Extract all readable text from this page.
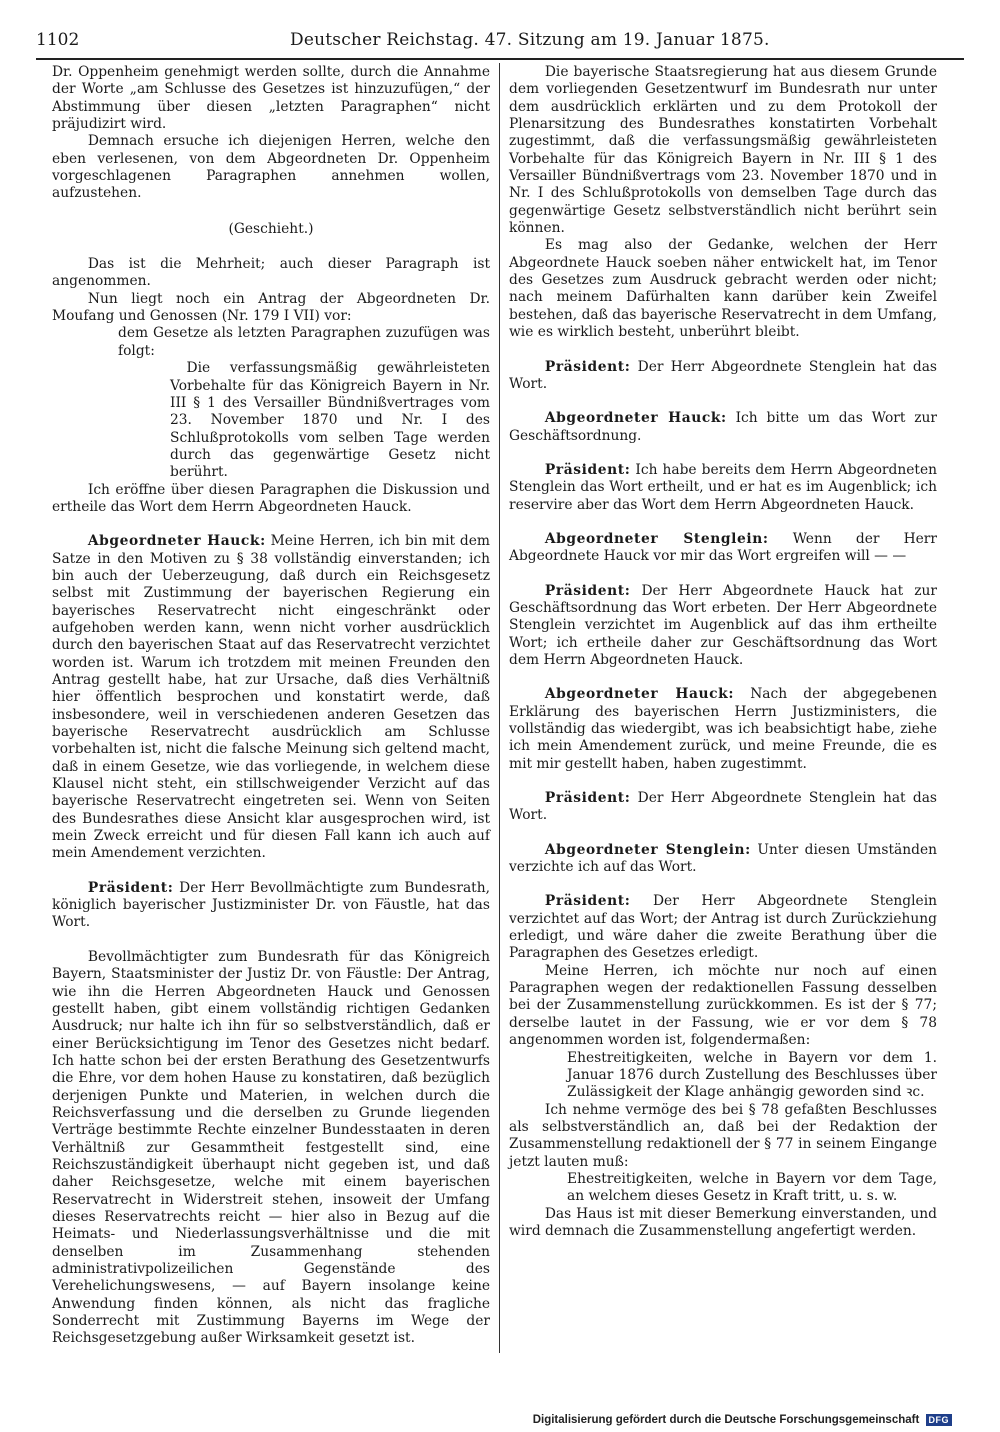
1102	Deutscher Reichstag. 47. Sitzung am 19. Januar 1875.

Dr. Oppenheim genehmigt werden sollte, durch die Annahme der Worte „am Schlusse des Gesetzes ist hinzuzufügen,“ der Abstimmung über diesen „letzten Paragraphen“ nicht präjudizirt wird.

Demnach ersuche ich diejenigen Herren, welche den eben verlesenen, von dem Abgeordneten Dr. Oppenheim vorgeschlagenen Paragraphen annehmen wollen, aufzustehen.

(Geschieht.)

Das ist die Mehrheit; auch dieser Paragraph ist angenommen.

Nun liegt noch ein Antrag der Abgeordneten Dr. Moufang und Genossen (Nr. 179 I VII) vor:

dem Gesetze als letzten Paragraphen zuzufügen was folgt:

Die verfassungsmäßig gewährleisteten Vorbehalte für das Königreich Bayern in Nr. III § 1 des Versailler Bündnißvertrages vom 23. November 1870 und Nr. I des Schlußprotokolls vom selben Tage werden durch das gegenwärtige Gesetz nicht berührt.

Ich eröffne über diesen Paragraphen die Diskussion und ertheile das Wort dem Herrn Abgeordneten Hauck.

Abgeordneter Hauck: Meine Herren, ich bin mit dem Satze in den Motiven zu § 38 vollständig einverstanden; ich bin auch der Ueberzeugung, daß durch ein Reichsgesetz selbst mit Zustimmung der bayerischen Regierung ein bayerisches Reservatrecht nicht eingeschränkt oder aufgehoben werden kann, wenn nicht vorher ausdrücklich durch den bayerischen Staat auf das Reservatrecht verzichtet worden ist. Warum ich trotzdem mit meinen Freunden den Antrag gestellt habe, hat zur Ursache, daß dies Verhältniß hier öffentlich besprochen und konstatirt werde, daß insbesondere, weil in verschiedenen anderen Gesetzen das bayerische Reservatrecht ausdrücklich am Schlusse vorbehalten ist, nicht die falsche Meinung sich geltend macht, daß in einem Gesetze, wie das vorliegende, in welchem diese Klausel nicht steht, ein stillschweigender Verzicht auf das bayerische Reservatrecht eingetreten sei. Wenn von Seiten des Bundesrathes diese Ansicht klar ausgesprochen wird, ist mein Zweck erreicht und für diesen Fall kann ich auch auf mein Amendement verzichten.

Präsident: Der Herr Bevollmächtigte zum Bundesrath, königlich bayerischer Justizminister Dr. von Fäustle, hat das Wort.

Bevollmächtigter zum Bundesrath für das Königreich Bayern, Staatsminister der Justiz Dr. von Fäustle: Der Antrag, wie ihn die Herren Abgeordneten Hauck und Genossen gestellt haben, gibt einem vollständig richtigen Gedanken Ausdruck; nur halte ich ihn für so selbstverständlich, daß er einer Berücksichtigung im Tenor des Gesetzes nicht bedarf. Ich hatte schon bei der ersten Berathung des Gesetzentwurfs die Ehre, vor dem hohen Hause zu konstatiren, daß bezüglich derjenigen Punkte und Materien, in welchen durch die Reichsverfassung und die derselben zu Grunde liegenden Verträge bestimmte Rechte einzelner Bundesstaaten in deren Verhältniß zur Gesammtheit festgestellt sind, eine Reichszuständigkeit überhaupt nicht gegeben ist, und daß daher Reichsgesetze, welche mit einem bayerischen Reservatrecht in Widerstreit stehen, insoweit der Umfang dieses Reservatrechts reicht — hier also in Bezug auf die Heimats- und Niederlassungsverhältnisse und die mit denselben im Zusammenhang stehenden administrativpolizeilichen Gegenstände des Verehelichungswesens, — auf Bayern insolange keine Anwendung finden können, als nicht das fragliche Sonderrecht mit Zustimmung Bayerns im Wege der Reichsgesetzgebung außer Wirksamkeit gesetzt ist.

Die bayerische Staatsregierung hat aus diesem Grunde dem vorliegenden Gesetzentwurf im Bundesrath nur unter dem ausdrücklich erklärten und zu dem Protokoll der Plenarsitzung des Bundesrathes konstatirten Vorbehalt zugestimmt, daß die verfassungsmäßig gewährleisteten Vorbehalte für das Königreich Bayern in Nr. III § 1 des Versailler Bündnißvertrags vom 23. November 1870 und in Nr. I des Schlußprotokolls von demselben Tage durch das gegenwärtige Gesetz selbstverständlich nicht berührt sein können.

Es mag also der Gedanke, welchen der Herr Abgeordnete Hauck soeben näher entwickelt hat, im Tenor des Gesetzes zum Ausdruck gebracht werden oder nicht; nach meinem Dafürhalten kann darüber kein Zweifel bestehen, daß das bayerische Reservatrecht in dem Umfang, wie es wirklich besteht, unberührt bleibt.

Präsident: Der Herr Abgeordnete Stenglein hat das Wort.

Abgeordneter Hauck: Ich bitte um das Wort zur Geschäftsordnung.

Präsident: Ich habe bereits dem Herrn Abgeordneten Stenglein das Wort ertheilt, und er hat es im Augenblick; ich reservire aber das Wort dem Herrn Abgeordneten Hauck.

Abgeordneter Stenglein: Wenn der Herr Abgeordnete Hauck vor mir das Wort ergreifen will — —

Präsident: Der Herr Abgeordnete Hauck hat zur Geschäftsordnung das Wort erbeten. Der Herr Abgeordnete Stenglein verzichtet im Augenblick auf das ihm ertheilte Wort; ich ertheile daher zur Geschäftsordnung das Wort dem Herrn Abgeordneten Hauck.

Abgeordneter Hauck: Nach der abgegebenen Erklärung des bayerischen Herrn Justizministers, die vollständig das wiedergibt, was ich beabsichtigt habe, ziehe ich mein Amendement zurück, und meine Freunde, die es mit mir gestellt haben, haben zugestimmt.

Präsident: Der Herr Abgeordnete Stenglein hat das Wort.

Abgeordneter Stenglein: Unter diesen Umständen verzichte ich auf das Wort.

Präsident: Der Herr Abgeordnete Stenglein verzichtet auf das Wort; der Antrag ist durch Zurückziehung erledigt, und wäre daher die zweite Berathung über die Paragraphen des Gesetzes erledigt.

Meine Herren, ich möchte nur noch auf einen Paragraphen wegen der redaktionellen Fassung desselben bei der Zusammenstellung zurückkommen. Es ist der § 77; derselbe lautet in der Fassung, wie er vor dem § 78 angenommen worden ist, folgendermaßen:

Ehestreitigkeiten, welche in Bayern vor dem 1. Januar 1876 durch Zustellung des Beschlusses über Zulässigkeit der Klage anhängig geworden sind ꝛc.

Ich nehme vermöge des bei § 78 gefaßten Beschlusses als selbstverständlich an, daß bei der Redaktion der Zusammenstellung redaktionell der § 77 in seinem Eingange jetzt lauten muß:

Ehestreitigkeiten, welche in Bayern vor dem Tage, an welchem dieses Gesetz in Kraft tritt, u. s. w.

Das Haus ist mit dieser Bemerkung einverstanden, und wird demnach die Zusammenstellung angefertigt werden.

Digitalisierung gefördert durch die Deutsche Forschungsgemeinschaft DFG
